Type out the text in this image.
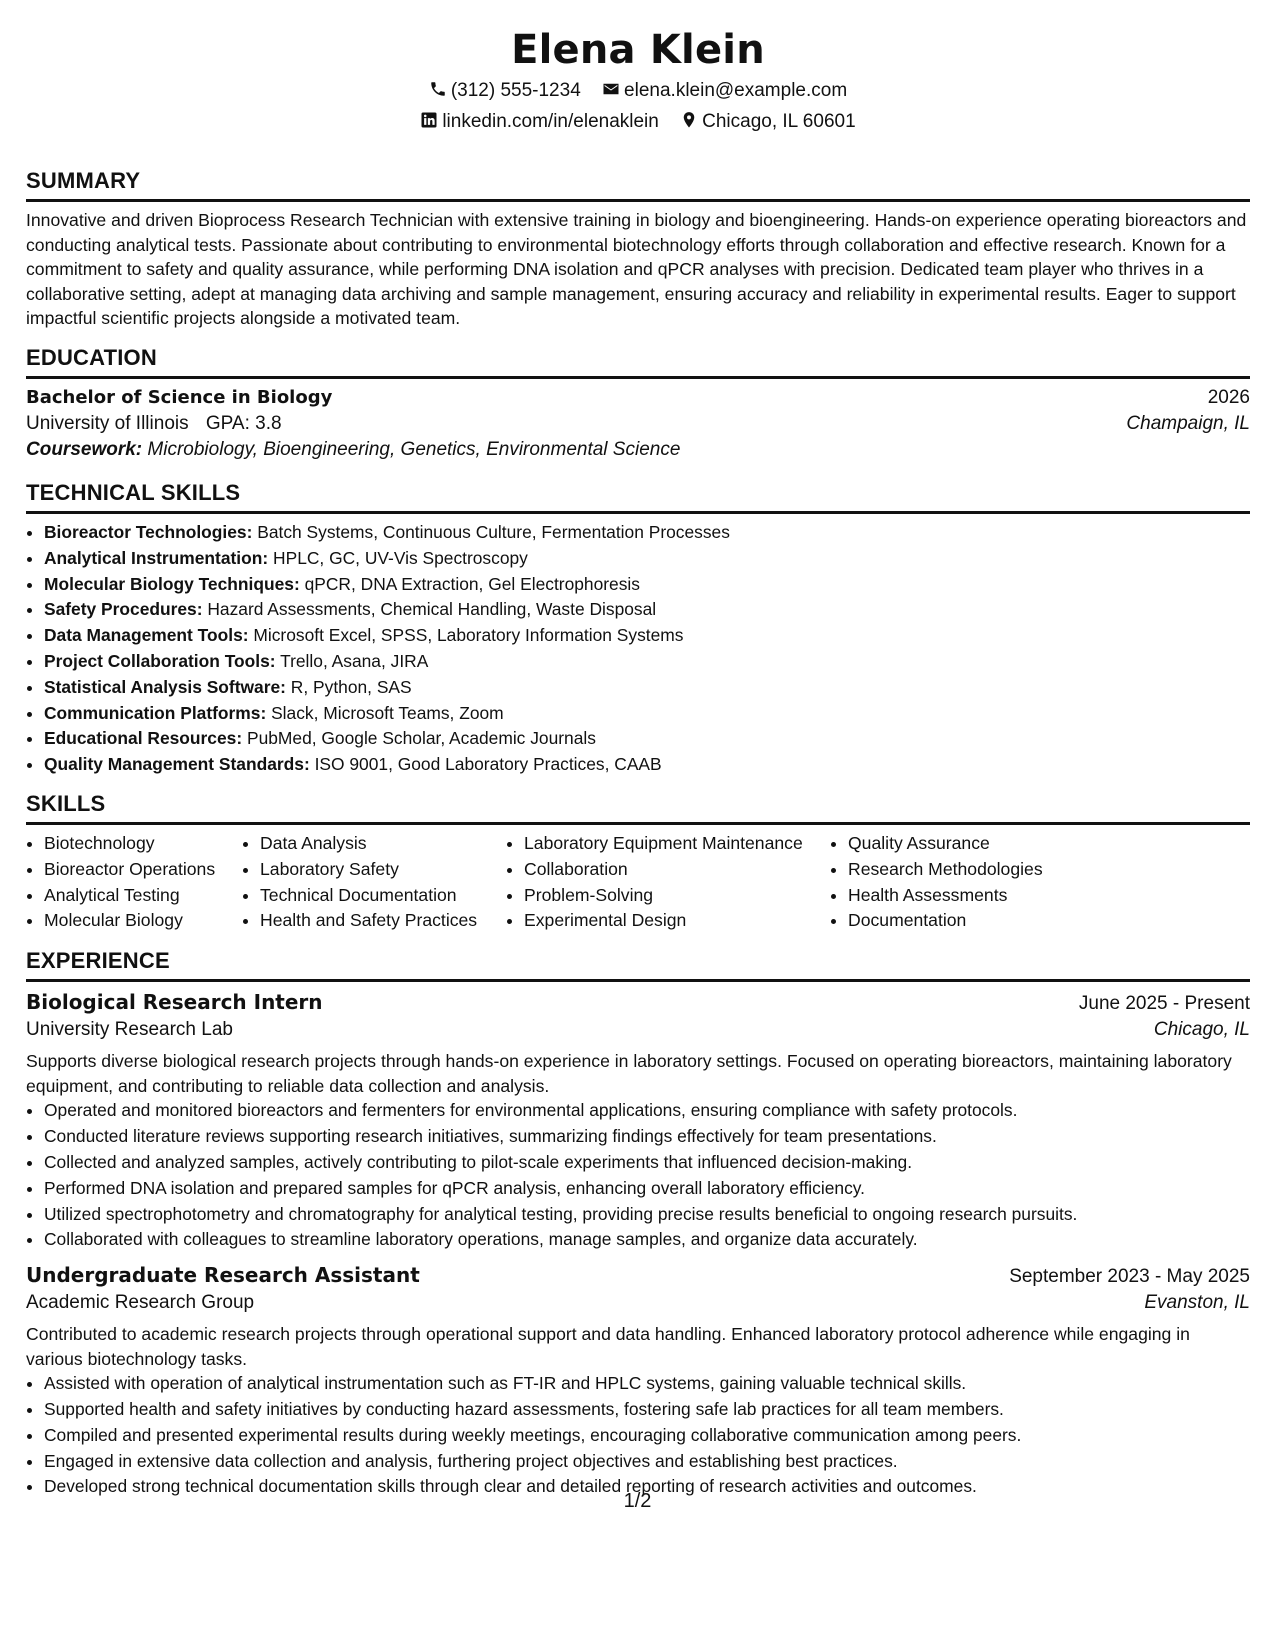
Elena Klein
(312) 555-1234 elena.klein@example.com
linkedin.com/in/elenaklein Chicago, IL 60601
SUMMARY
Innovative and driven Bioprocess Research Technician with extensive training in biology and bioengineering. Hands-on experience operating bioreactors and conducting analytical tests. Passionate about contributing to environmental biotechnology efforts through collaboration and effective research. Known for a commitment to safety and quality assurance, while performing DNA isolation and qPCR analyses with precision. Dedicated team player who thrives in a collaborative setting, adept at managing data archiving and sample management, ensuring accuracy and reliability in experimental results. Eager to support impactful scientific projects alongside a motivated team.
EDUCATION
Bachelor of Science in Biology	2026
University of Illinois GPA: 3.8	Champaign, IL
Coursework: Microbiology, Bioengineering, Genetics, Environmental Science
TECHNICAL SKILLS
• Bioreactor Technologies: Batch Systems, Continuous Culture, Fermentation Processes
• Analytical Instrumentation: HPLC, GC, UV-Vis Spectroscopy
• Molecular Biology Techniques: qPCR, DNA Extraction, Gel Electrophoresis
• Safety Procedures: Hazard Assessments, Chemical Handling, Waste Disposal
• Data Management Tools: Microsoft Excel, SPSS, Laboratory Information Systems
• Project Collaboration Tools: Trello, Asana, JIRA
• Statistical Analysis Software: R, Python, SAS
• Communication Platforms: Slack, Microsoft Teams, Zoom
• Educational Resources: PubMed, Google Scholar, Academic Journals
• Quality Management Standards: ISO 9001, Good Laboratory Practices, CAAB
SKILLS
• Biotechnology
• Bioreactor Operations
• Analytical Testing
• Molecular Biology
• Data Analysis
• Laboratory Safety
• Technical Documentation
• Health and Safety Practices
• Laboratory Equipment Maintenance
• Collaboration
• Problem-Solving
• Experimental Design
• Quality Assurance
• Research Methodologies
• Health Assessments
• Documentation
EXPERIENCE
Biological Research Intern	June 2025 - Present
University Research Lab	Chicago, IL
Supports diverse biological research projects through hands-on experience in laboratory settings. Focused on operating bioreactors, maintaining laboratory equipment, and contributing to reliable data collection and analysis.
• Operated and monitored bioreactors and fermenters for environmental applications, ensuring compliance with safety protocols.
• Conducted literature reviews supporting research initiatives, summarizing findings effectively for team presentations.
• Collected and analyzed samples, actively contributing to pilot-scale experiments that influenced decision-making.
• Performed DNA isolation and prepared samples for qPCR analysis, enhancing overall laboratory efficiency.
• Utilized spectrophotometry and chromatography for analytical testing, providing precise results beneficial to ongoing research pursuits.
• Collaborated with colleagues to streamline laboratory operations, manage samples, and organize data accurately.
Undergraduate Research Assistant	September 2023 - May 2025
Academic Research Group	Evanston, IL
Contributed to academic research projects through operational support and data handling. Enhanced laboratory protocol adherence while engaging in various biotechnology tasks.
• Assisted with operation of analytical instrumentation such as FT-IR and HPLC systems, gaining valuable technical skills.
• Supported health and safety initiatives by conducting hazard assessments, fostering safe lab practices for all team members.
• Compiled and presented experimental results during weekly meetings, encouraging collaborative communication among peers.
• Engaged in extensive data collection and analysis, furthering project objectives and establishing best practices.
• Developed strong technical documentation skills through clear and detailed reporting of research activities and outcomes.
1/2
